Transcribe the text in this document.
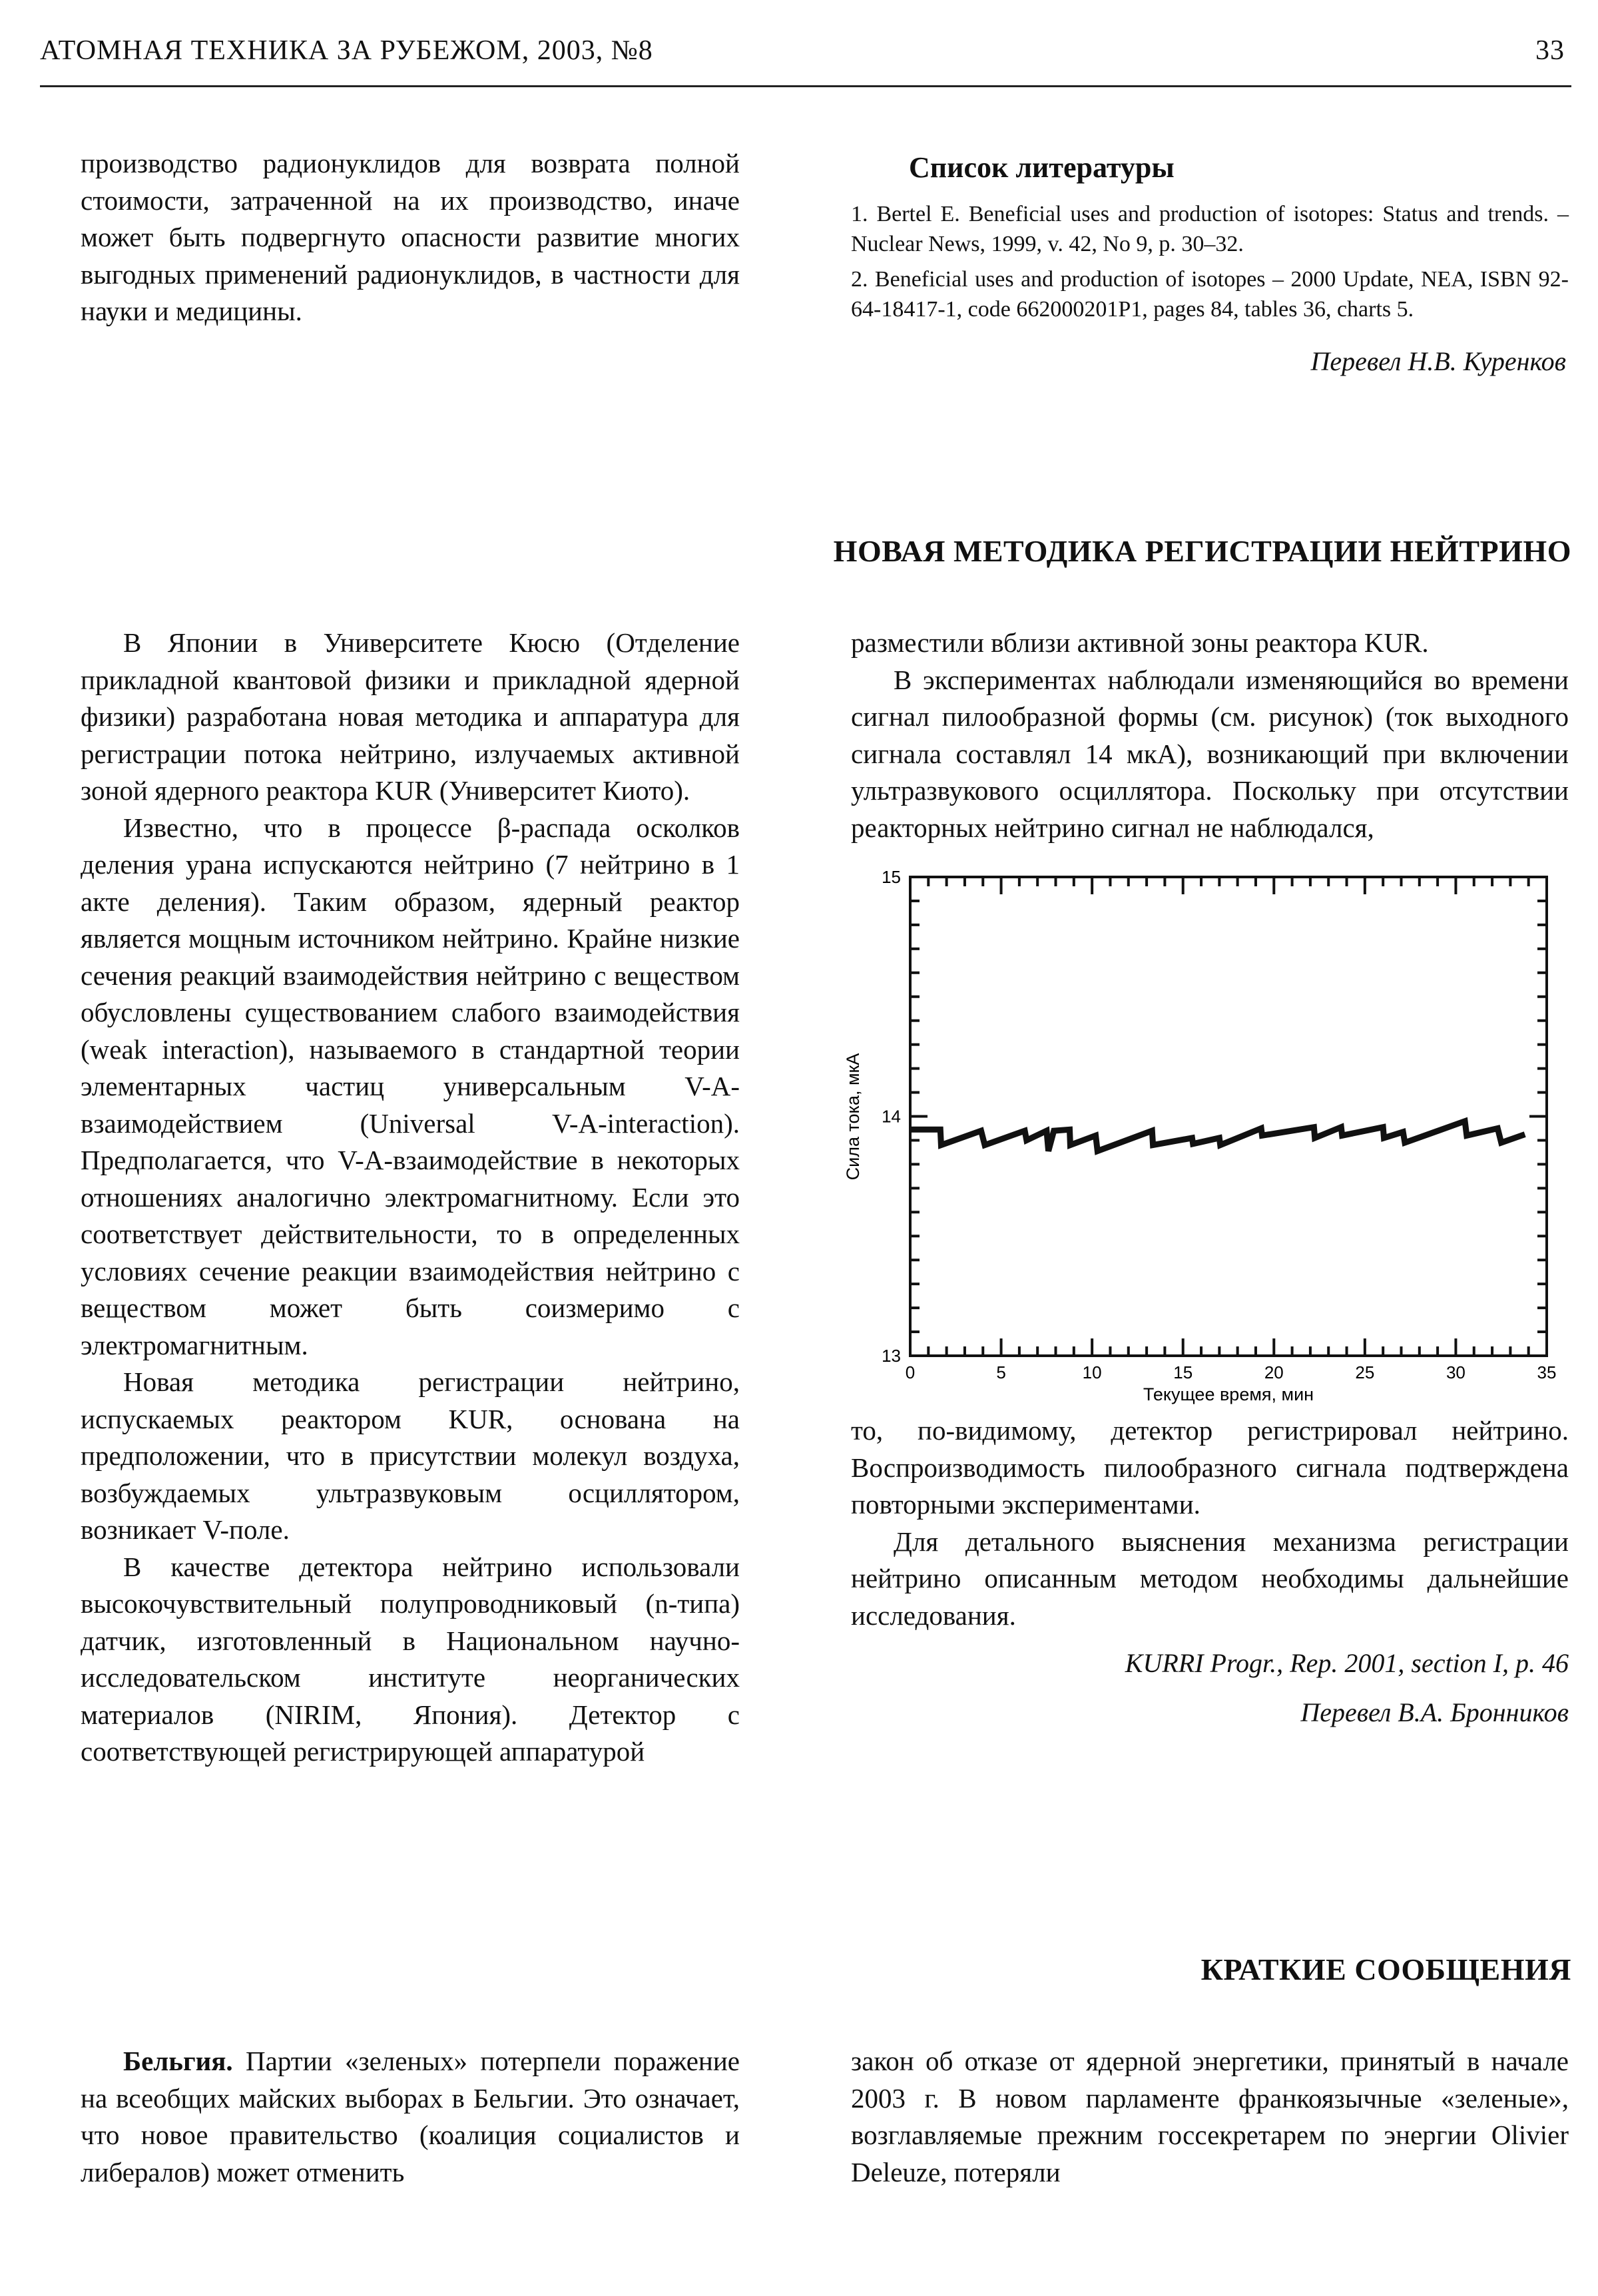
АТОМНАЯ ТЕХНИКА ЗА РУБЕЖОМ, 2003, №8	33

производство радионуклидов для возврата полной стоимости, затраченной на их производство, иначе может быть подвергнуто опасности развитие многих выгодных применений радионуклидов, в частности для науки и медицины.

Список литературы

1. Bertel E. Beneficial uses and production of isotopes: Status and trends. – Nuclear News, 1999, v. 42, No 9, p. 30–32.

2. Beneficial uses and production of isotopes – 2000 Update, NEA, ISBN 92-64-18417-1, code 662000201P1, pages 84, tables 36, charts 5.

Перевел Н.В. Куренков
НОВАЯ МЕТОДИКА РЕГИСТРАЦИИ НЕЙТРИНО

В Японии в Университете Кюсю (Отделение прикладной квантовой физики и прикладной ядерной физики) разработана новая методика и аппаратура для регистрации потока нейтрино, излучаемых активной зоной ядерного реактора KUR (Университет Киото).

Известно, что в процессе β-распада осколков деления урана испускаются нейтрино (7 нейтрино в 1 акте деления). Таким образом, ядерный реактор является мощным источником нейтрино. Крайне низкие сечения реакций взаимодействия нейтрино с веществом обусловлены существованием слабого взаимодействия (weak interaction), называемого в стандартной теории элементарных частиц универсальным V-A-взаимодействием (Universal V-A-interaction). Предполагается, что V-A-взаимодействие в некоторых отношениях аналогично электромагнитному. Если это соответствует действительности, то в определенных условиях сечение реакции взаимодействия нейтрино с веществом может быть соизмеримо с электромагнитным.

Новая методика регистрации нейтрино, испускаемых реактором KUR, основана на предположении, что в присутствии молекул воздуха, возбуждаемых ультразвуковым осциллятором, возникает V-поле.

В качестве детектора нейтрино использовали высокочувствительный полупроводниковый (n-типа) датчик, изготовленный в Национальном научно-исследовательском институте неорганических материалов (NIRIM, Япония). Детектор с соответствующей регистрирующей аппаратурой

разместили вблизи активной зоны реактора KUR.

В экспериментах наблюдали изменяющийся во времени сигнал пилообразной формы (см. рисунок) (ток выходного сигнала составлял 14 мкА), возникающий при включении ультразвукового осциллятора. Поскольку при отсутствии реакторных нейтрино сигнал не наблюдался,

0	5	10	15	20	25	30	35
13
14
15
Текущее время, мин
Сила тока, мкА

то, по-видимому, детектор регистрировал нейтрино. Воспроизводимость пилообразного сигнала подтверждена повторными экспериментами.

Для детального выяснения механизма регистрации нейтрино описанным методом необходимы дальнейшие исследования.

KURRI Progr., Rep. 2001, section I, p. 46
Перевел В.А. Бронников
КРАТКИЕ СООБЩЕНИЯ

Бельгия. Партии «зеленых» потерпели поражение на всеобщих майских выборах в Бельгии. Это означает, что новое правительство (коалиция социалистов и либералов) может отменить

закон об отказе от ядерной энергетики, принятый в начале 2003 г. В новом парламенте франкоязычные «зеленые», возглавляемые прежним госсекретарем по энергии Olivier Deleuze, потеряли
